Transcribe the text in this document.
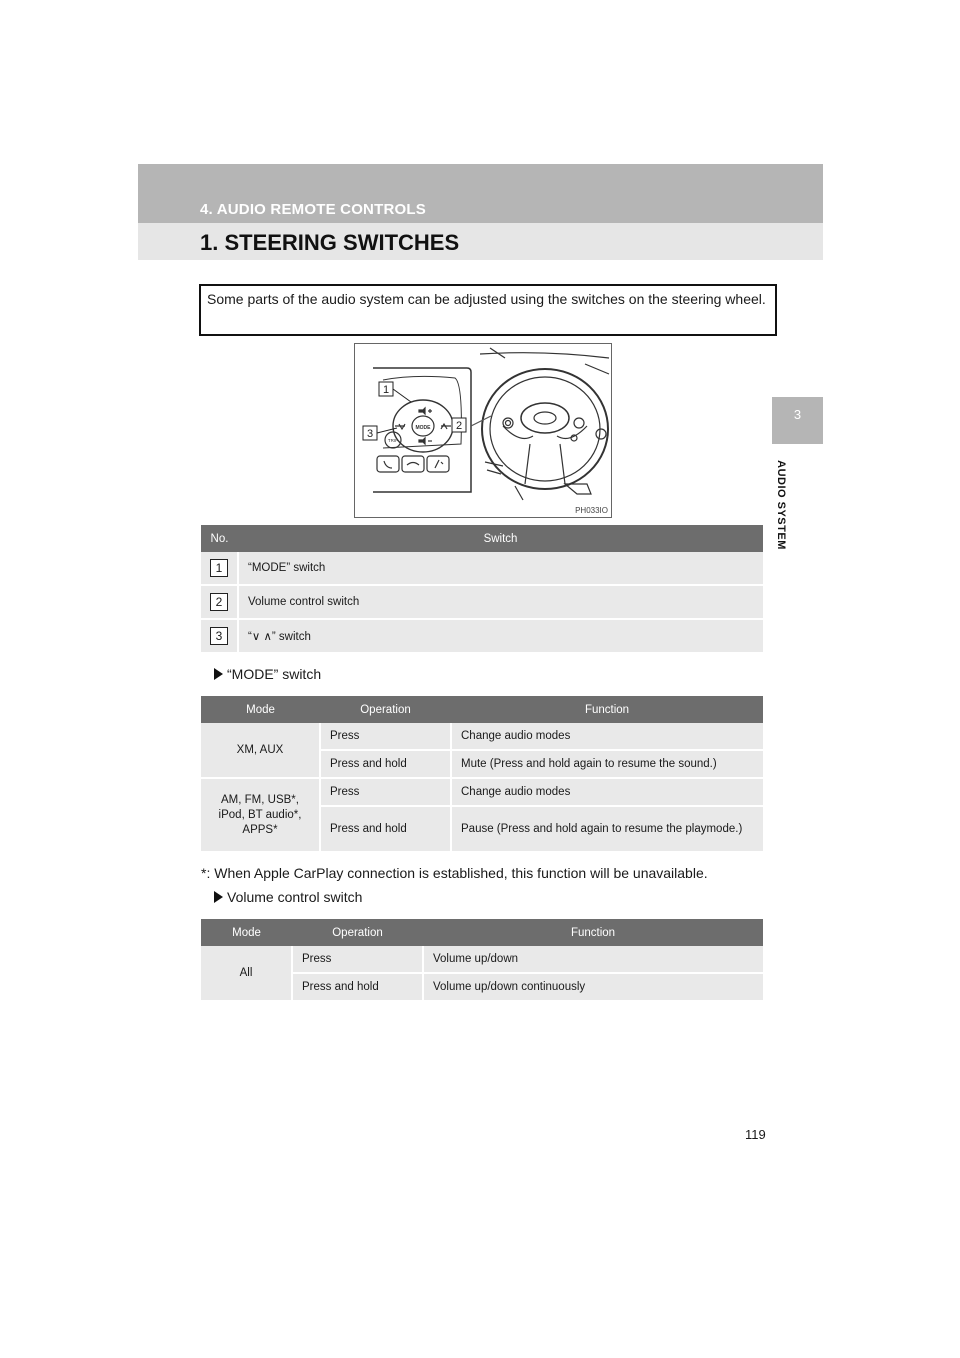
4. AUDIO REMOTE CONTROLS
1. STEERING SWITCHES
3
AUDIO SYSTEM
Some parts of the audio system can be adjusted using the switches on the steering wheel.
MODE
TRIP
1
2
3
PH033IO
No.	Switch
1	“MODE” switch
2	Volume control switch
3	“∨ ∧” switch
“MODE” switch
Mode	Operation	Function
XM, AUX	Press	Change audio modes
	Press and hold	Mute (Press and hold again to resume the sound.)
AM, FM, USB*, iPod, BT audio*, APPS*	Press	Change audio modes
	Press and hold	Pause (Press and hold again to resume the playmode.)
*: When Apple CarPlay connection is established, this function will be unavailable.
Volume control switch
Mode	Operation	Function
All	Press	Volume up/down
	Press and hold	Volume up/down continuously
119
